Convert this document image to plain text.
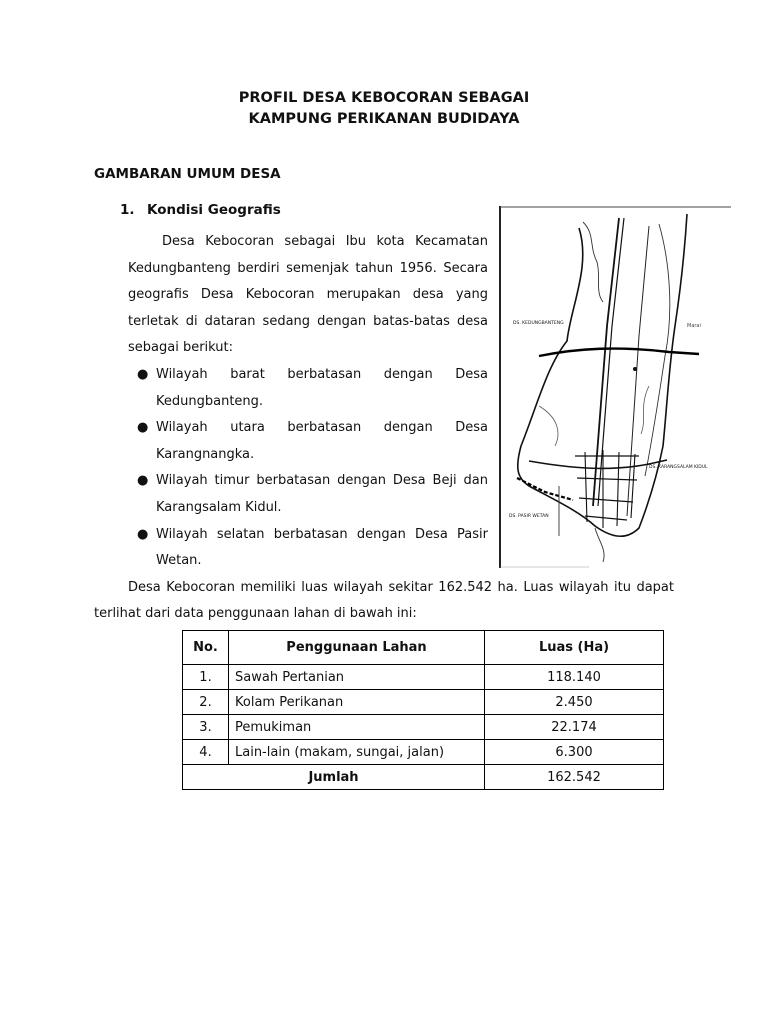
PROFIL DESA KEBOCORAN SEBAGAI
KAMPUNG PERIKANAN BUDIDAYA
GAMBARAN UMUM DESA
1. Kondisi Geografis

Desa Kebocoran sebagai Ibu kota Kecamatan Kedungbanteng berdiri semenjak tahun 1956. Secara geografis Desa Kebocoran merupakan desa yang terletak di dataran sedang dengan batas-batas desa sebagai berikut:

● Wilayah barat berbatasan dengan Desa Kedungbanteng.
● Wilayah utara berbatasan dengan Desa Karangnangka.
● Wilayah timur berbatasan dengan Desa Beji dan Karangsalam Kidul.
● Wilayah selatan berbatasan dengan Desa Pasir Wetan.
DS. KEDUNGBANTENG	Marai
DS. KARANGSALAM KIDUL
DS. PASIR WETAN

Desa Kebocoran memiliki luas wilayah sekitar 162.542 ha. Luas wilayah itu dapat terlihat dari data penggunaan lahan di bawah ini:

No.	Penggunaan Lahan	Luas (Ha)
1.	Sawah Pertanian	118.140
2.	Kolam Perikanan	2.450
3.	Pemukiman	22.174
4.	Lain-lain (makam, sungai, jalan)	6.300
Jumlah		162.542
